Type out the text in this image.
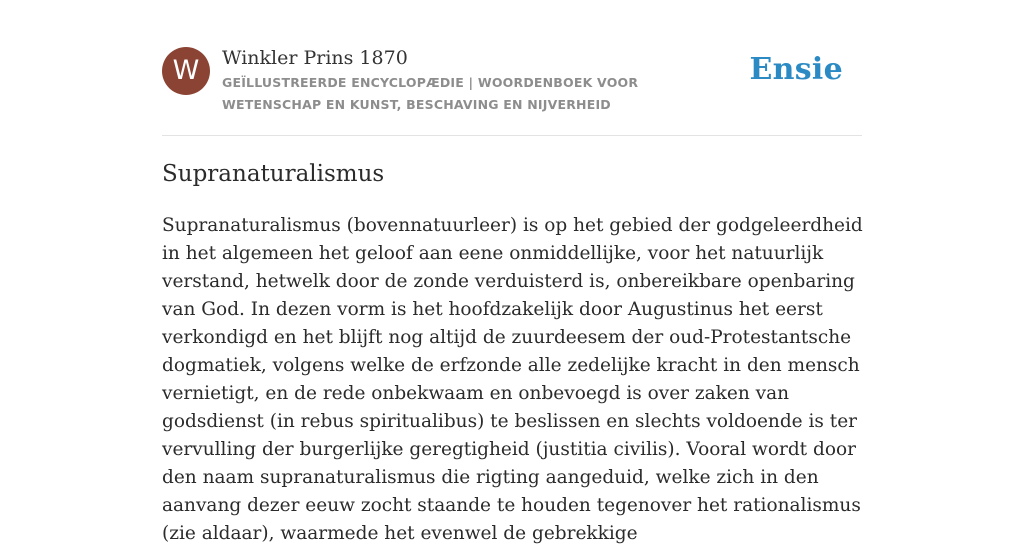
W	Winkler Prins 1870
GEÏLLUSTREERDE ENCYCLOPÆDIE | WOORDENBOEK VOOR WETENSCHAP EN KUNST, BESCHAVING EN NIJVERHEID
Ensie
Supranaturalismus

Supranaturalismus (bovennatuurleer) is op het gebied der godgeleerdheid in het algemeen het geloof aan eene onmiddellijke, voor het natuurlijk verstand, hetwelk door de zonde verduisterd is, onbereikbare openbaring van God. In dezen vorm is het hoofdzakelijk door Augustinus het eerst verkondigd en het blijft nog altijd de zuurdeesem der oud-Protestantsche dogmatiek, volgens welke de erfzonde alle zedelijke kracht in den mensch vernietigt, en de rede onbekwaam en onbevoegd is over zaken van godsdienst (in rebus spiritualibus) te beslissen en slechts voldoende is ter vervulling der burgerlijke geregtigheid (justitia civilis). Vooral wordt door den naam supranaturalismus die rigting aangeduid, welke zich in den aanvang dezer eeuw zocht staande te houden tegenover het rationalismus (zie aldaar), waarmede het evenwel de gebrekkige
